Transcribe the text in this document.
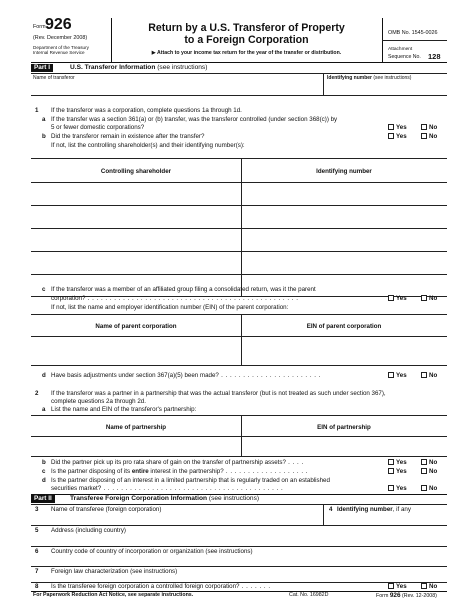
Form 926
(Rev. December 2008)
Department of the Treasury
Internal Revenue Service
Return by a U.S. Transferor of Property
to a Foreign Corporation
▶ Attach to your income tax return for the year of the transfer or distribution.
OMB No. 1545-0026
Attachment
Sequence No. 128
Part I	U.S. Transferor Information (see instructions)
Name of transferor	Identifying number (see instructions)
1 If the transferor was a corporation, complete questions 1a through 1d.
a If the transfer was a section 361(a) or (b) transfer, was the transferor controlled (under section 368(c)) by
5 or fewer domestic corporations?	Yes	No
b Did the transferor remain in existence after the transfer?	Yes	No
If not, list the controlling shareholder(s) and their identifying number(s):
Controlling shareholder	Identifying number
c If the transferor was a member of an affiliated group filing a consolidated return, was it the parent
corporation? . . . . . . . . . . . . . . . . . . . . . . . . . . . . . . . . . . . . . . . . . . . . . . . .	Yes	No
If not, list the name and employer identification number (EIN) of the parent corporation:
Name of parent corporation	EIN of parent corporation
d Have basis adjustments under section 367(a)(5) been made? . . . . . . . . . . . . . . . . . . . . . . .	Yes	No
2 If the transferor was a partner in a partnership that was the actual transferor (but is not treated as such under section 367),
complete questions 2a through 2d.
a List the name and EIN of the transferor's partnership:
Name of partnership	EIN of partnership
b Did the partner pick up its pro rata share of gain on the transfer of partnership assets? . . . .	Yes	No
c Is the partner disposing of its entire interest in the partnership? . . . . . . . . . . . . . . . . . . .	Yes	No
d Is the partner disposing of an interest in a limited partnership that is regularly traded on an established
securities market? . . . . . . . . . . . . . . . . . . . . . . . . . . . . . . . . . . . . . . . . .	Yes	No
Part II	Transferee Foreign Corporation Information (see instructions)
3 Name of transferee (foreign corporation)	4 Identifying number, if any
5 Address (including country)
6 Country code of country of incorporation or organization (see instructions)
7 Foreign law characterization (see instructions)
8 Is the transferee foreign corporation a controlled foreign corporation? . . . . . . .	Yes	No
For Paperwork Reduction Act Notice, see separate instructions.	Cat. No. 16982D	Form 926 (Rev. 12-2008)
